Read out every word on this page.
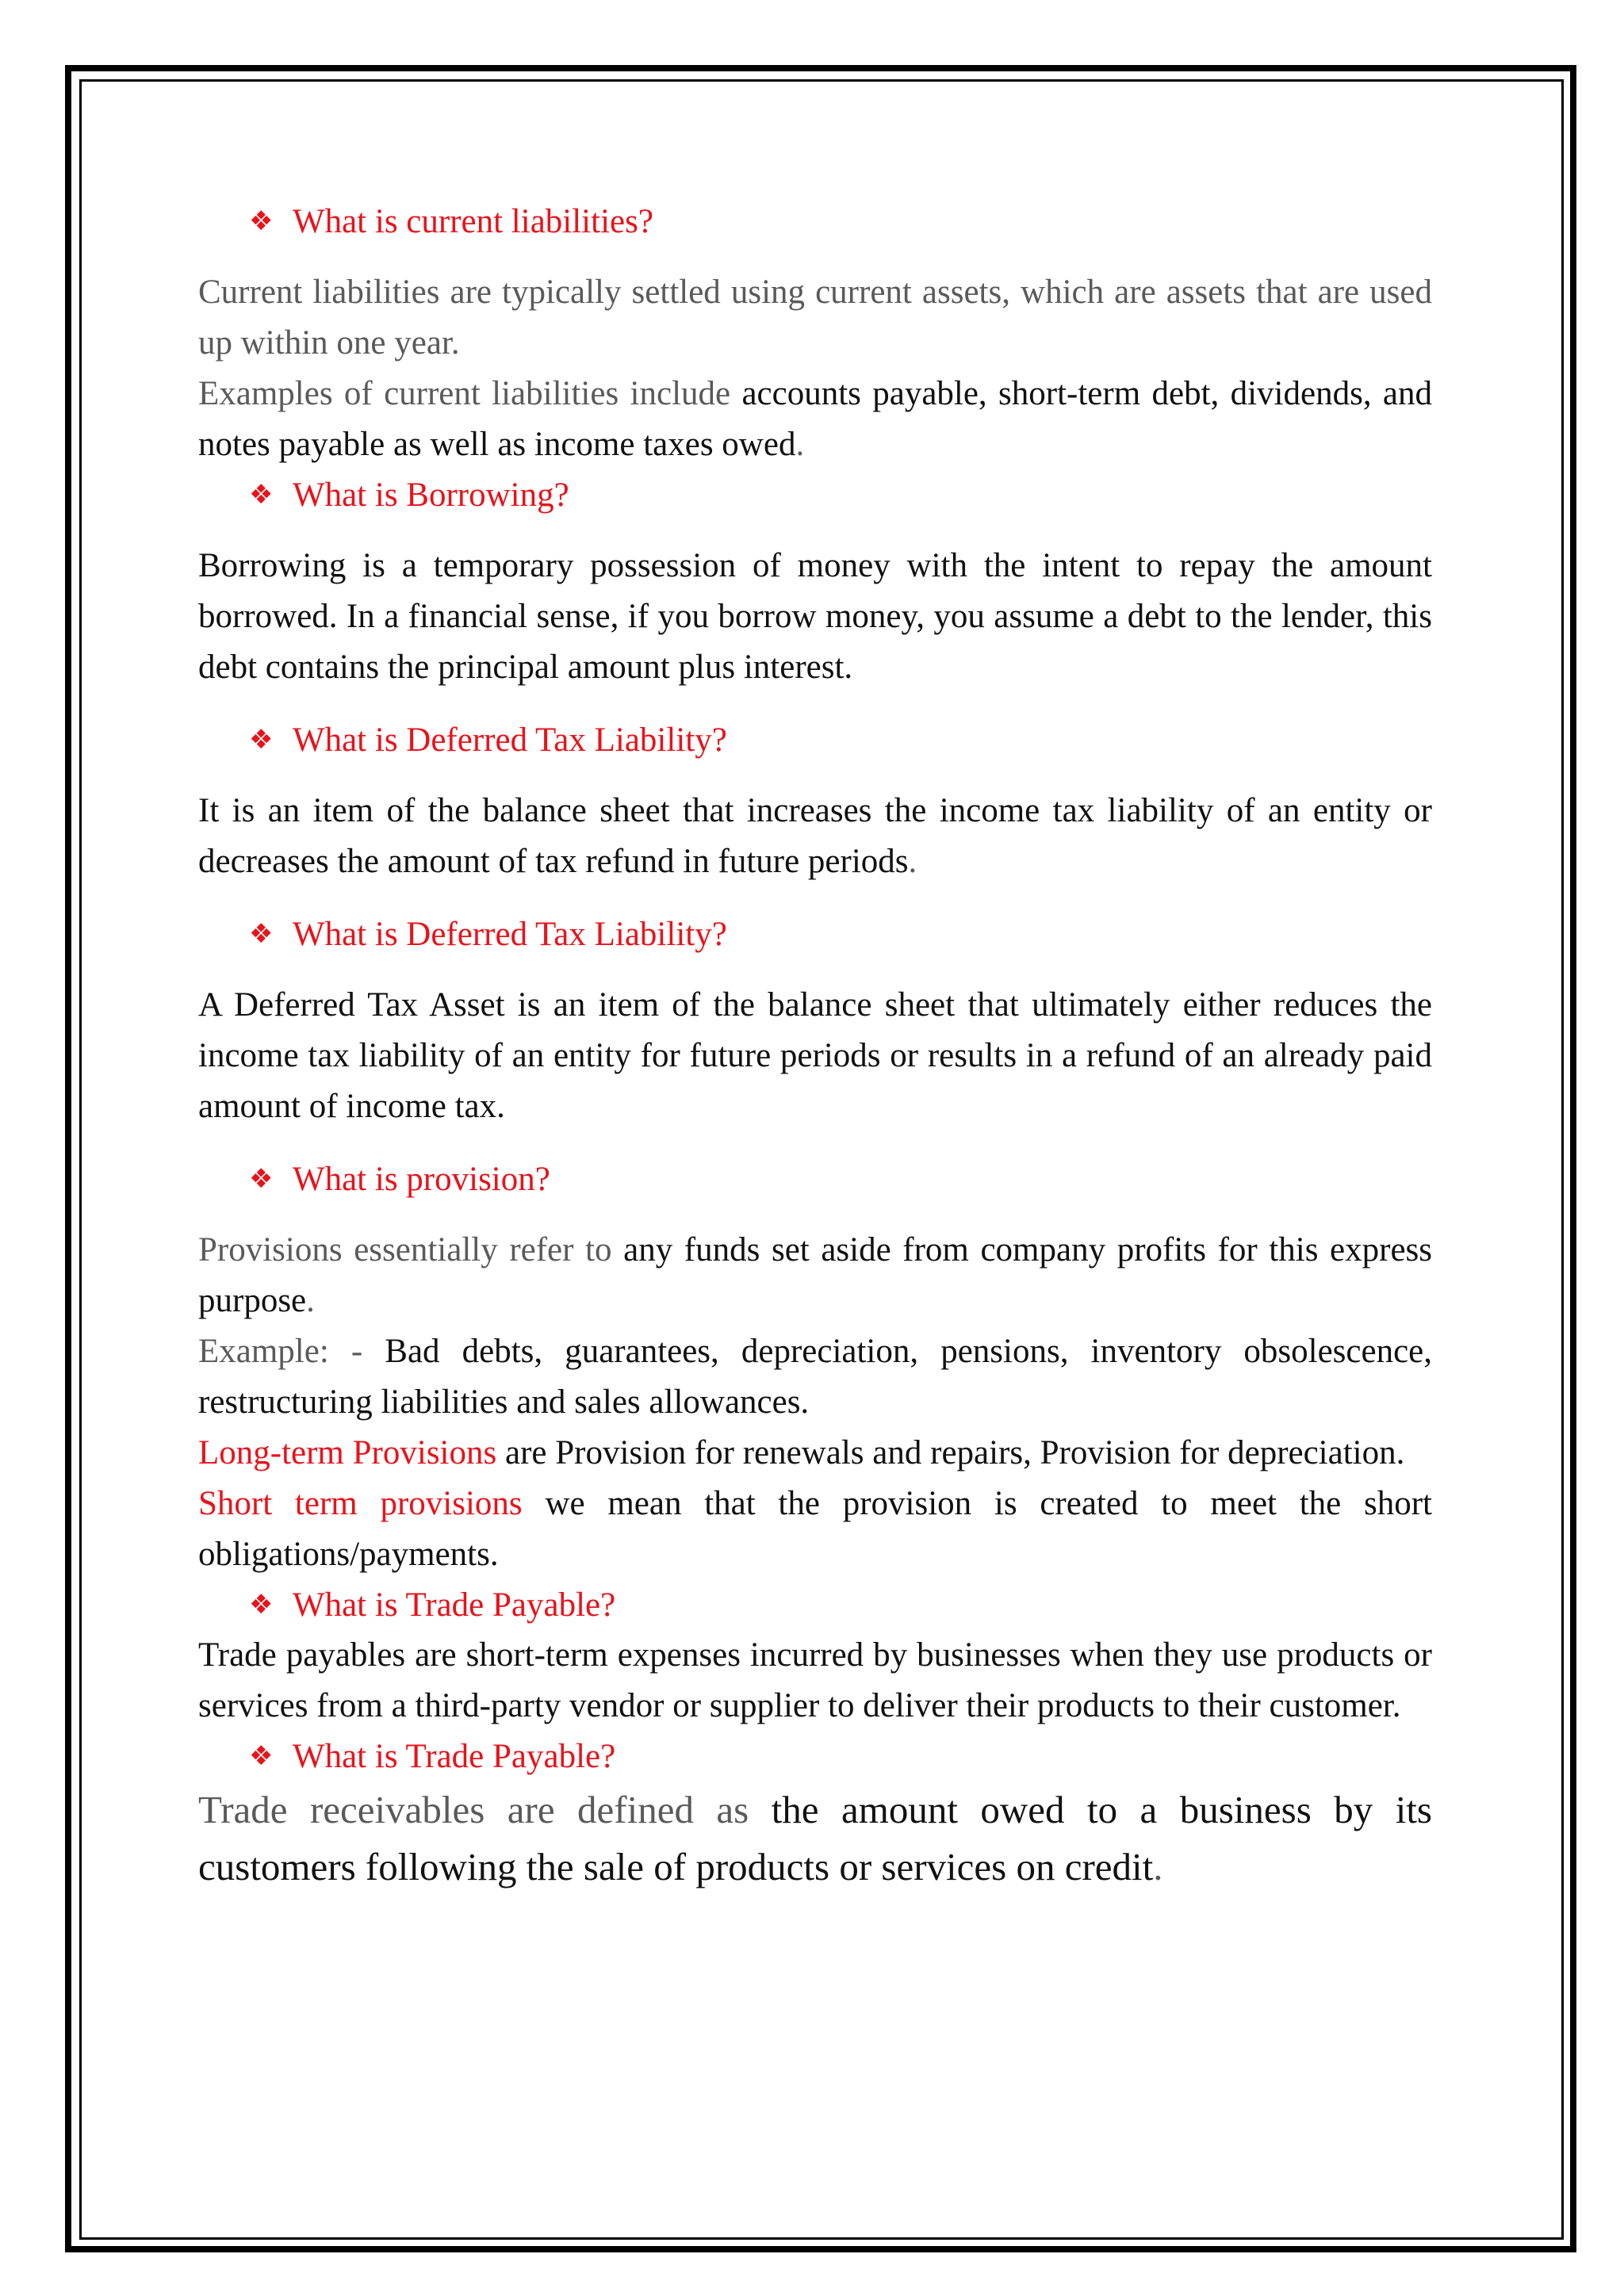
❖ What is current liabilities?

Current liabilities are typically settled using current assets, which are assets that are used up within one year.

Examples of current liabilities include accounts payable, short-term debt, dividends, and notes payable as well as income taxes owed.

❖ What is Borrowing?

Borrowing is a temporary possession of money with the intent to repay the amount borrowed. In a financial sense, if you borrow money, you assume a debt to the lender, this debt contains the principal amount plus interest.

❖ What is Deferred Tax Liability?

It is an item of the balance sheet that increases the income tax liability of an entity or decreases the amount of tax refund in future periods.

❖ What is Deferred Tax Liability?

A Deferred Tax Asset is an item of the balance sheet that ultimately either reduces the income tax liability of an entity for future periods or results in a refund of an already paid amount of income tax.

❖ What is provision?

Provisions essentially refer to any funds set aside from company profits for this express purpose.

Example: - Bad debts, guarantees, depreciation, pensions, inventory obsolescence, restructuring liabilities and sales allowances.

Long-term Provisions are Provision for renewals and repairs, Provision for depreciation.

Short term provisions we mean that the provision is created to meet the short obligations/payments.

❖ What is Trade Payable?

Trade payables are short-term expenses incurred by businesses when they use products or services from a third-party vendor or supplier to deliver their products to their customer.

❖ What is Trade Payable?

Trade receivables are defined as the amount owed to a business by its customers following the sale of products or services on credit.
